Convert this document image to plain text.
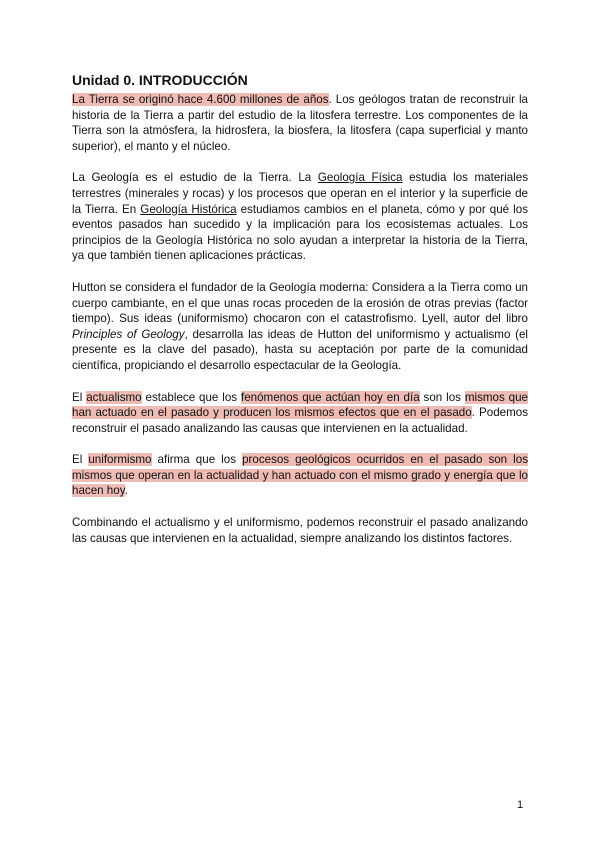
Unidad 0. INTRODUCCIÓN

La Tierra se originó hace 4.600 millones de años. Los geólogos tratan de reconstruir la historia de la Tierra a partir del estudio de la litosfera terrestre. Los componentes de la Tierra son la atmósfera, la hidrosfera, la biosfera, la litosfera (capa superficial y manto superior), el manto y el núcleo.

La Geología es el estudio de la Tierra. La Geología Física estudia los materiales terrestres (minerales y rocas) y los procesos que operan en el interior y la superficie de la Tierra. En Geología Histórica estudiamos cambios en el planeta, cómo y por qué los eventos pasados han sucedido y la implicación para los ecosistemas actuales. Los principios de la Geología Histórica no solo ayudan a interpretar la historia de la Tierra, ya que también tienen aplicaciones prácticas.

Hutton se considera el fundador de la Geología moderna: Considera a la Tierra como un cuerpo cambiante, en el que unas rocas proceden de la erosión de otras previas (factor tiempo). Sus ideas (uniformismo) chocaron con el catastrofismo. Lyell, autor del libro Principles of Geology, desarrolla las ideas de Hutton del uniformismo y actualismo (el presente es la clave del pasado), hasta su aceptación por parte de la comunidad científica, propiciando el desarrollo espectacular de la Geología.

El actualismo establece que los fenómenos que actúan hoy en día son los mismos que han actuado en el pasado y producen los mismos efectos que en el pasado. Podemos reconstruir el pasado analizando las causas que intervienen en la actualidad.

El uniformismo afirma que los procesos geológicos ocurridos en el pasado son los mismos que operan en la actualidad y han actuado con el mismo grado y energía que lo hacen hoy.

Combinando el actualismo y el uniformismo, podemos reconstruir el pasado analizando las causas que intervienen en la actualidad, siempre analizando los distintos factores.

1
